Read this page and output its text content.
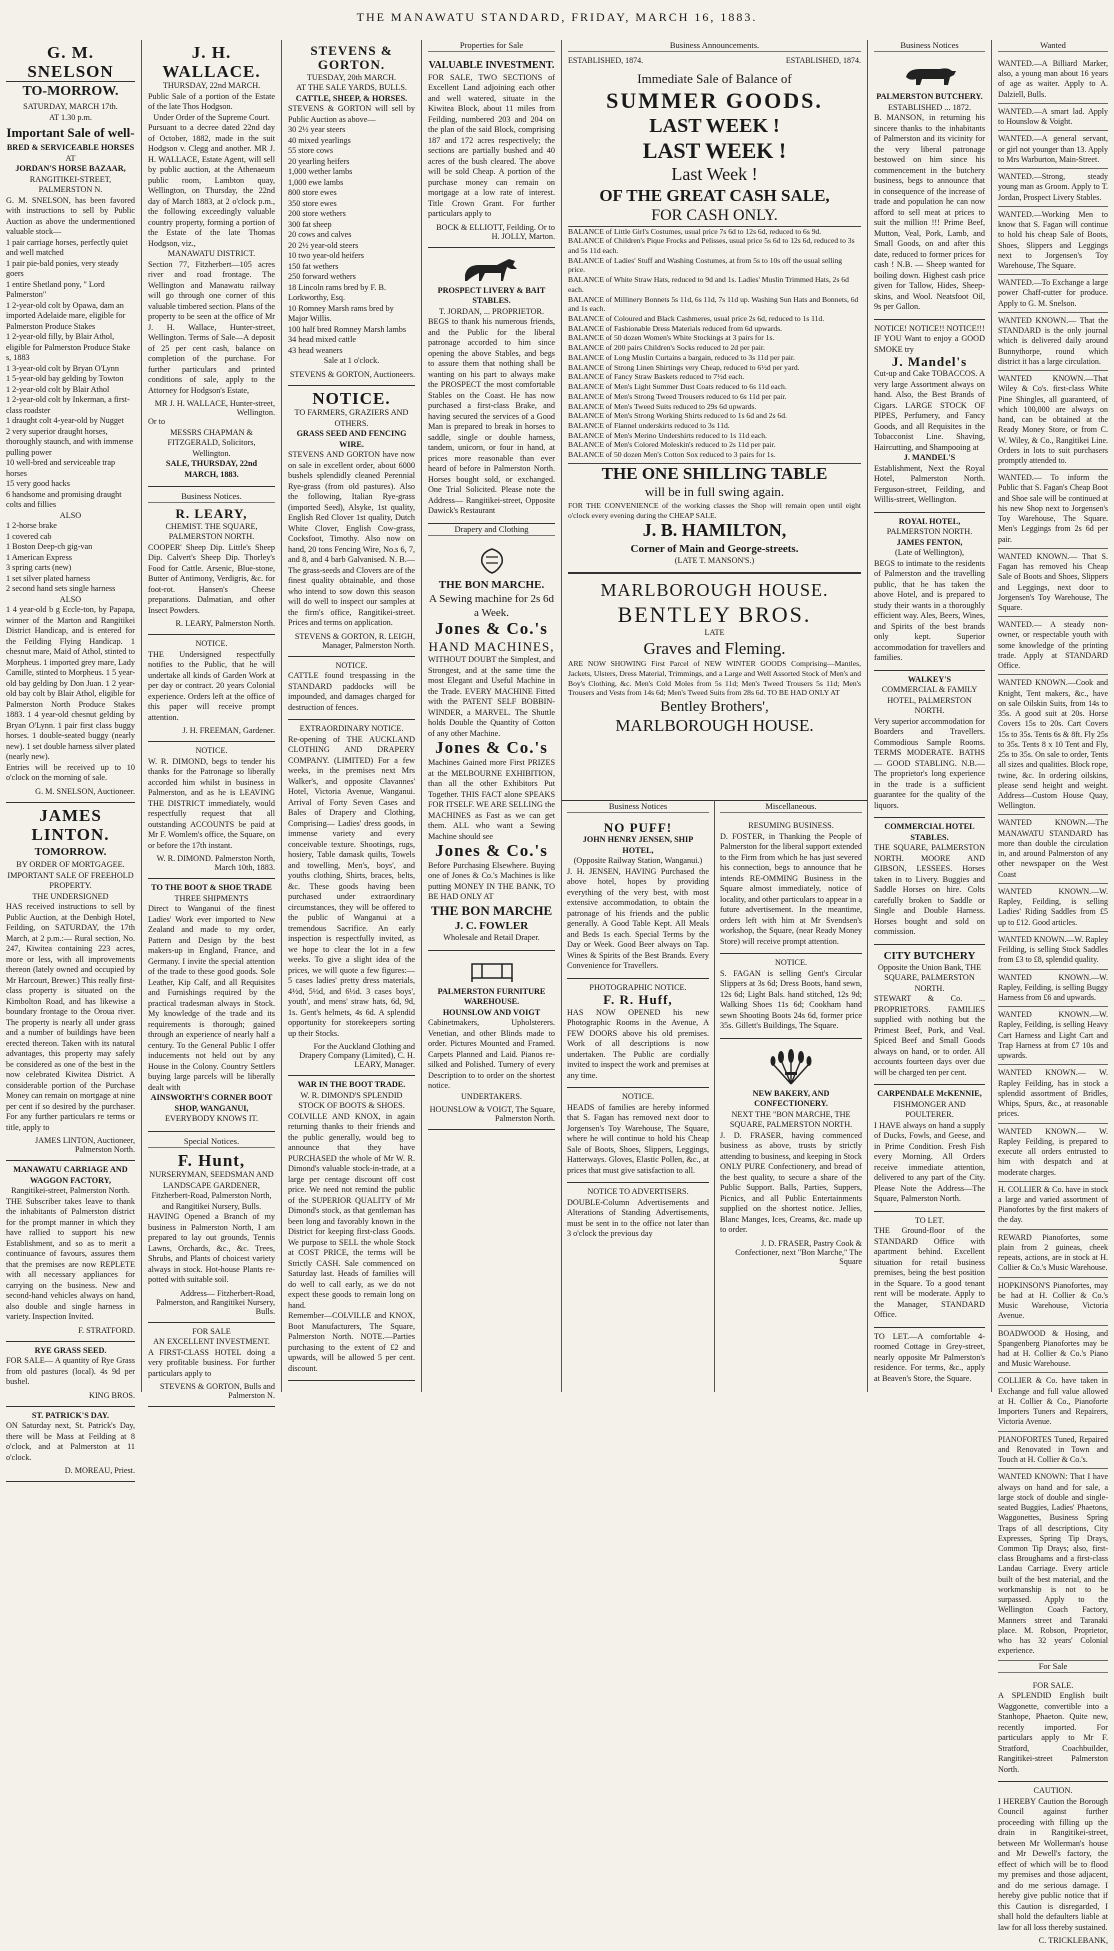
THE MANAWATU STANDARD, FRIDAY, MARCH 16, 1883.
G. M. SNELSON
TO-MORROW.
SATURDAY, MARCH 17th.
AT 1.30 p.m.
Important Sale of well-
BRED & SERVICEABLE HORSES
AT
JORDAN'S HORSE BAZAAR,
RANGITIKEI-STREET, PALMERSTON N.
G. M. SNELSON, has been favored with instructions to sell by Public Auction as above the undermentioned valuable stock—
1 pair carriage horses, perfectly quiet and well matched
1 pair pie-bald ponies, very steady goers
1 entire Shetland pony, " Lord Palmerston"
1 2-year-old colt by Opawa, dam an imported Adelaide mare, eligible for Palmerston Produce Stakes
1 2-year-old filly, by Blair Athol, eligible for Palmerston Produce Stake s, 1883
1 3-year-old colt by Bryan O'Lynn
1 5-year-old bay gelding by Towton
1 2-year-old colt by Blair Athol
1 2-year-old colt by Inkerman, a first-class roadster
1 draught colt 4-year-old by Nugget
2 very superior draught horses, thoroughly staunch, and with immense pulling power
10 well-bred and serviceable trap horses
15 very good hacks
6 handsome and promising draught colts and fillies
ALSO
1 2-horse brake
1 covered cab
1 Boston Deep-ch gig-van
1 American Express
3 spring carts (new)
1 set silver plated harness
2 second hand sets single harness
ALSO
1 4 year-old b g Eccle-ton, by Papapa, winner of the Marton and Rangitikei District Handicap, and is entered for the Feilding Flying Handicap. 1 chesnut mare, Maid of Athol, stinted to Morpheus. 1 imported grey mare, Lady Camille, stinted to Morpheus. 1 5 year-old bay gelding by Don Juan. 1 2 year-old bay colt by Blair Athol, eligible for Palmerston North Produce Stakes 1883. 1 4 year-old chesnut gelding by Bryan O'Lynn. 1 pair first class buggy horses. 1 double-seated buggy (nearly new). 1 set double harness silver plated (nearly new).
Entries will be received up to 10 o'clock on the morning of sale.
G. M. SNELSON, Auctioneer.
JAMES LINTON.
TOMORROW.
BY ORDER OF MORTGAGEE.
IMPORTANT SALE OF FREEHOLD PROPERTY.
THE UNDERSIGNED
HAS received instructions to sell by Public Auction, at the Denbigh Hotel, Feilding, on SATURDAY, the 17th March, at 2 p.m.:— Rural section, No. 247, Kiwitea containing 223 acres, more or less, with all improvements thereon (lately owned and occupied by Mr Harcourt, Brewer.) This really first-class property is situated on the Kimbolton Road, and has likewise a boundary frontage to the Oroua river. The property is nearly all under grass and a number of buildings have been erected thereon. Taken with its natural advantages, this property may safely be considered as one of the best in the now celebrated Kiwitea District. A considerable portion of the Purchase Money can remain on mortgage at nine per cent if so desired by the purchaser. For any further particulars re terms or title, apply to
JAMES LINTON, Auctioneer, Palmerston North.
MANAWATU CARRIAGE AND WAGGON FACTORY,
Rangitikei-street, Palmerston North.
THE Subscriber takes leave to thank the inhabitants of Palmerston district for the prompt manner in which they have rallied to support his new Establishment, and so as to merit a continuance of favours, assures them that the premises are now REPLETE with all necessary appliances for carrying on the business. New and second-hand vehicles always on hand, also double and single harness in variety. Inspection Invited.
F. STRATFORD.
RYE GRASS SEED.
FOR SALE— A quantity of Rye Grass from old pastures (local). 4s 9d per bushel.
KING BROS.
ST. PATRICK'S DAY.
ON Saturday next, St. Patrick's Day, there will be Mass at Feilding at 8 o'clock, and at Palmerston at 11 o'clock.
D. MOREAU, Priest.
J. H. WALLACE.
THURSDAY, 22nd MARCH.
Public Sale of a portion of the Estate of the late Thos Hodgson.
Under Order of the Supreme Court.
Pursuant to a decree dated 22nd day of October, 1882, made in the suit Hodgson v. Clegg and another. MR J. H. WALLACE, Estate Agent, will sell by public auction, at the Athenaeum public room, Lambton quay, Wellington, on Thursday, the 22nd day of March 1883, at 2 o'clock p.m., the following exceedingly valuable country property, forming a portion of the Estate of the late Thomas Hodgson, viz.,
MANAWATU DISTRICT.
Section 77, Fitzherbert—105 acres river and road frontage. The Wellington and Manawatu railway will go through one corner of this valuable timbered section. Plans of the property to be seen at the office of Mr J. H. Wallace, Hunter-street, Wellington. Terms of Sale—A deposit of 25 per cent cash, balance on completion of the purchase. For further particulars and printed conditions of sale, apply to the Attorney for Hodgson's Estate,
MR J. H. WALLACE, Hunter-street, Wellington.
Or to
MESSRS CHAPMAN & FITZGERALD, Solicitors, Wellington.
SALE, THURSDAY, 22nd MARCH, 1883.
Business Notices.
R. LEARY,
CHEMIST. THE SQUARE, PALMERSTON NORTH.
COOPER' Sheep Dip. Little's Sheep Dip. Calvert's Sheep Dip. Thorley's Food for Cattle. Arsenic, Blue-stone, Butter of Antimony, Verdigris, &c. for foot-rot. Hansen's Cheese preparations. Dalmatian, and other Insect Powders.
R. LEARY, Palmerston North.
NOTICE.
THE Undersigned respectfully notifies to the Public, that he will undertake all kinds of Garden Work at per day or contract. 20 years Colonial experience. Orders left at the office of this paper will receive prompt attention.
J. H. FREEMAN, Gardener.
NOTICE.
W. R. DIMOND, begs to tender his thanks for the Patronage so liberally accorded him whilst in business in Palmerston, and as he is LEAVING THE DISTRICT immediately, would respectfully request that all outstanding ACCOUNTS be paid at Mr F. Womlem's office, the Square, on or before the 17th instant.
W. R. DIMOND. Palmerston North, March 10th, 1883.
TO THE BOOT & SHOE TRADE
THREE SHIPMENTS
Direct to Wanganui of the finest Ladies' Work ever imported to New Zealand and made to my order, Pattern and Design by the best makers-up in England, France, and Germany. I invite the special attention of the trade to these good goods. Sole Leather, Kip Calf, and all Requisites and Furnishings required by the practical tradesman always in Stock. My knowledge of the trade and its requirements is thorough; gained through an experience of nearly half a century. To the General Public I offer inducements not held out by any House in the Colony. Country Settlers buying large parcels will be liberally dealt with
AINSWORTH'S CORNER BOOT SHOP, WANGANUI,
EVERYBODY KNOWS IT.
Special Notices.
F. Hunt,
NURSERYMAN, SEEDSMAN AND LANDSCAPE GARDENER,
Fitzherbert-Road, Palmerston North, and Rangitikei Nursery, Bulls.
HAVING Opened a Branch of my business in Palmerston North, I am prepared to lay out grounds, Tennis Lawns, Orchards, &c., &c. Trees, Shrubs, and Plants of choicest variety always in stock. Hot-house Plants re-potted with suitable soil.
Address— Fitzherbert-Road, Palmerston, and Rangitikei Nursery, Bulls.
FOR SALE
AN EXCELLENT INVESTMENT.
A FIRST-CLASS HOTEL doing a very profitable business. For further particulars apply to
STEVENS & GORTON, Bulls and Palmerston N.
STEVENS & GORTON.
TUESDAY, 20th MARCH.
AT THE SALE YARDS, BULLS.
CATTLE, SHEEP, & HORSES.
STEVENS & GORTON will sell by Public Auction as above—
30 2½ year steers
40 mixed yearlings
55 store cows
20 yearling heifers
1,000 wether lambs
1,000 ewe lambs
800 store ewes
350 store ewes
200 store wethers
300 fat sheep
20 cows and calves
20 2½ year-old steers
10 two year-old heifers
150 fat wethers
250 forward wethers
18 Lincoln rams bred by F. B. Lorkworthy, Esq.
10 Romney Marsh rams bred by Major Willis.
100 half bred Romney Marsh lambs
34 head mixed cattle
43 head weaners
Sale at 1 o'clock.
STEVENS & GORTON, Auctioneers.
NOTICE.
TO FARMERS, GRAZIERS AND OTHERS.
GRASS SEED AND FENCING WIRE.
STEVENS AND GORTON have now on sale in excellent order, about 6000 bushels splendidly cleaned Perennial Rye-grass (from old pastures). Also the following, Italian Rye-grass (imported Seed), Alsyke, 1st quality, English Red Clover 1st quality, Dutch White Clover, English Cow-grass, Cocksfoot, Timothy. Also now on hand, 20 tons Fencing Wire, No.s 6, 7, and 8, and 4 barb Galvanised. N. B.—The grass-seeds and Clovers are of the finest quality obtainable, and those who intend to sow down this season will do well to inspect our samples at the firm's office, Rangitikei-street. Prices and terms on application.
STEVENS & GORTON, R. LEIGH, Manager, Palmerston North.
NOTICE.
CATTLE found trespassing in the STANDARD paddocks will be impounded, and damages charged for destruction of fences.
EXTRAORDINARY NOTICE.
Re-opening of THE AUCKLAND CLOTHING AND DRAPERY COMPANY. (LIMITED) For a few weeks, in the premises next Mrs Walker's, and opposite Clavannes' Hotel, Victoria Avenue, Wanganui. Arrival of Forty Seven Cases and Bales of Drapery and Clothing, Comprising— Ladies' dress goods, in immense variety and every conceivable texture. Shootings, rugs, hosiery, Table damask quilts, Towels and towelling, Men's, boys', and youths clothing, Shirts, braces, belts, &c. These goods having been purchased under extraordinary circumstances, they will be offered to the public of Wanganui at a tremendous Sacrifice. An early inspection is respectfully invited, as we hope to clear the lot in a few weeks. To give a slight idea of the prices, we will quote a few figures:— 5 cases ladies' pretty dress materials, 4½d, 5½d, and 6½d. 3 cases boys', youth', and mens' straw hats, 6d, 9d, 1s. Gent's helmets, 4s 6d. A splendid opportunity for storekeepers sorting up their Stocks.
For the Auckland Clothing and Drapery Company (Limited), C. H. LEARY, Manager.
WAR IN THE BOOT TRADE.
W. R. DIMOND'S SPLENDID STOCK OF BOOTS & SHOES.
COLVILLE AND KNOX, in again returning thanks to their friends and the public generally, would beg to announce that they have PURCHASED the whole of Mr W. R. Dimond's valuable stock-in-trade, at a large per centage discount off cost price. We need not remind the public of the SUPERIOR QUALITY of Mr Dimond's stock, as that gentleman has been long and favorably known in the District for keeping first-class Goods. We purpose to SELL the whole Stock at COST PRICE, the terms will be Strictly CASH. Sale commenced on Saturday last. Heads of families will do well to call early, as we do not expect these goods to remain long on hand.
Remember—COLVILLE and KNOX, Boot Manufacturers, The Square, Palmerston North. NOTE.—Parties purchasing to the extent of £2 and upwards, will be allowed 5 per cent. discount.
Properties for Sale
VALUABLE INVESTMENT.
FOR SALE, TWO SECTIONS of Excellent Land adjoining each other and well watered, situate in the Kiwitea Block, about 11 miles from Feilding, numbered 203 and 204 on the plan of the said Block, comprising 187 and 172 acres respectively; the sections are partially bushed and 40 acres of the bush cleared. The above will be sold Cheap. A portion of the purchase money can remain on mortgage at a low rate of interest. Title Crown Grant. For further particulars apply to
BOCK & ELLIOTT, Feilding. Or to H. JOLLY, Marton.
PROSPECT LIVERY & BAIT STABLES.
T. JORDAN, ... PROPRIETOR.
BEGS to thank his numerous friends, and the Public for the liberal patronage accorded to him since opening the above Stables, and begs to assure them that nothing shall be wanting on his part to always make the PROSPECT the most comfortable Stables on the Coast. He has now purchased a first-class Brake, and having secured the services of a Good Man is prepared to break in horses to saddle, single or double harness, tandem, unicorn, or four in hand, at prices more reasonable than ever heard of before in Palmerston North. Horses bought sold, or exchanged. One Trial Solicited. Please note the Address— Rangitikei-street, Opposite Dawick's Restaurant
Drapery and Clothing
THE BON MARCHE.
A Sewing machine for 2s 6d a Week.
Jones & Co.'s
HAND MACHINES,
WITHOUT DOUBT the Simplest, and Strongest, and at the same time the most Elegant and Useful Machine in the Trade. EVERY MACHINE Fitted with the PATENT SELF BOBBIN-WINDER, a MARVEL. The Shuttle holds Double the Quantity of Cotton of any other Machine.
Jones & Co.'s
Machines Gained more First PRIZES at the MELBOURNE EXHIBITION, than all the other Exhibitors Put Together. THIS FACT alone SPEAKS FOR ITSELF. WE ARE SELLING the MACHINES as Fast as we can get them. ALL who want a Sewing Machine should see
Jones & Co.'s
Before Purchasing Elsewhere. Buying one of Jones & Co.'s Machines is like putting MONEY IN THE BANK, TO BE HAD ONLY AT
THE BON MARCHE
J. C. FOWLER
Wholesale and Retail Draper.
PALMERSTON FURNITURE WAREHOUSE.
HOUNSLOW AND VOIGT
Cabinetmakers, Upholsterers. Venetian, and other Blinds made to order. Pictures Mounted and Framed. Carpets Planned and Laid. Pianos re-silked and Polished. Turnery of every Description to to order on the shortest notice.
UNDERTAKERS.
HOUNSLOW & VOIGT, The Square, Palmerston North.
Business Announcements.
ESTABLISHED, 1874.	ESTABLISHED, 1874.
Immediate Sale of Balance of
SUMMER GOODS.
LAST WEEK !
LAST WEEK !
Last Week !
OF THE GREAT CASH SALE,
FOR CASH ONLY.
BALANCE of Little Girl's Costumes, usual price 7s 6d to 12s 6d, reduced to 6s 9d.
BALANCE of Children's Pique Frocks and Pelisses, usual price 5s 6d to 12s 6d, reduced to 3s and 5s 11d each.
BALANCE of Ladies' Stuff and Washing Costumes, at from 5s to 10s off the usual selling price.
BALANCE of White Straw Hats, reduced to 9d and 1s. Ladies' Muslin Trimmed Hats, 2s 6d each.
BALANCE of Millinery Bonnets 5s 11d, 6s 11d, 7s 11d up. Washing Sun Hats and Bonnets, 6d and 1s each.
BALANCE of Coloured and Black Cashmeres, usual price 2s 6d, reduced to 1s 11d.
BALANCE of Fashionable Dress Materials reduced from 6d upwards.
BALANCE of 50 dozen Women's White Stockings at 3 pairs for 1s.
BALANCE of 200 pairs Children's Socks reduced to 2d per pair.
BALANCE of Long Muslin Curtains a bargain, reduced to 3s 11d per pair.
BALANCE of Strong Linen Shirtings very Cheap, reduced to 6½d per yard.
BALANCE of Fancy Straw Baskets reduced to 7½d each.
BALANCE of Men's Light Summer Dust Coats reduced to 6s 11d each.
BALANCE of Men's Strong Tweed Trousers reduced to 6s 11d per pair.
BALANCE of Men's Tweed Suits reduced to 29s 6d upwards.
BALANCE of Men's Strong Working Shirts reduced to 1s 6d and 2s 6d.
BALANCE of Flannel underskirts reduced to 3s 11d.
BALANCE of Men's Merino Undershirts reduced to 1s 11d each.
BALANCE of Men's Colored Moleskin's reduced to 2s 11d per pair.
BALANCE of 50 dozen Men's Cotton Sox reduced to 3 pairs for 1s.
THE ONE SHILLING TABLE
will be in full swing again.
FOR THE CONVENIENCE of the working classes the Shop will remain open until eight o'clock every evening during the CHEAP SALE.
J. B. HAMILTON,
Corner of Main and George-streets.
(LATE T. MANSON'S.)
MARLBOROUGH HOUSE.
BENTLEY BROS.
LATE
Graves and Fleming.
ARE NOW SHOWING First Parcel of NEW WINTER GOODS Comprising—Mantles, Jackets, Ulsters, Dress Material, Trimmings, and a Large and Well Assorted Stock of Men's and Boy's Clothing, &c. Men's Cold Moles from 5s 11d; Men's Tweed Trousers 5s 11d; Men's Trousers and Vests from 14s 6d; Men's Tweed Suits from 28s 6d. TO BE HAD ONLY AT
Bentley Brothers',
MARLBOROUGH HOUSE.
Business Notices
NO PUFF!
JOHN HENRY JENSEN, SHIP HOTEL,
(Opposite Railway Station, Wanganui.)
J. H. JENSEN, HAVING Purchased the above hotel, hopes by providing everything of the very best, with most extensive accommodation, to obtain the patronage of his friends and the public generally. A Good Table Kept. All Meals and Beds 1s each. Special Terms by the Day or Week. Good Beer always on Tap. Wines & Spirits of the Best Brands. Every Convenience for Travellers.
PHOTOGRAPHIC NOTICE.
F. R. Huff,
HAS NOW OPENED his new Photographic Rooms in the Avenue, A FEW DOORS above his old premises. Work of all descriptions is now undertaken. The Public are cordially invited to inspect the work and premises at any time.
NOTICE.
HEADS of families are hereby informed that S. Fagan has removed next door to Jorgensen's Toy Warehouse, The Square, where he will continue to hold his Cheap Sale of Boots, Shoes, Slippers, Leggings, Hatterways. Gloves, Elastic Pollen, &c., at prices that must give satisfaction to all.
NOTICE TO ADVERTISERS.
DOUBLE-Column Advertisements and Alterations of Standing Advertisements, must be sent in to the office not later than 3 o'clock the previous day
Miscellaneous.
RESUMING BUSINESS.
D. FOSTER, in Thanking the People of Palmerston for the liberal support extended to the Firm from which he has just severed his connection, begs to announce that he intends RE-OMMING Business in the Square almost immediately, notice of locality, and other particulars to appear in a future advertisement. In the meantime, orders left with him at Mr Svendsen's workshop, the Square, (near Ready Money Store) will receive prompt attention.
NOTICE.
S. FAGAN is selling Gent's Circular Slippers at 3s 6d; Dress Boots, hand sewn, 12s 6d; Light Bals. hand stitched, 12s 9d; Walking Shoes 11s 6d; Cookham hand sewn Shooting Boots 24s 6d, former price 35s. Gillett's Buildings, The Square.
NEW BAKERY, AND CONFECTIONERY.
NEXT THE "BON MARCHE, THE SQUARE, PALMERSTON NORTH.
J. D. FRASER, having commenced business as above, trusts by strictly attending to business, and keeping in Stock ONLY PURE Confectionery, and bread of the best quality, to secure a share of the Public Support. Balls, Parties, Suppers, Picnics, and all Public Entertainments supplied on the shortest notice. Jellies, Blanc Manges, Ices, Creams, &c. made up to order.
J. D. FRASER, Pastry Cook & Confectioner, next "Bon Marche," The Square
Business Notices
PALMERSTON BUTCHERY.
ESTABLISHED ... 1872.
B. MANSON, in returning his sincere thanks to the inhabitants of Palmerston and its vicinity for the very liberal patronage bestowed on him since his commencement in the butchery business, begs to announce that in consequence of the increase of trade and population he can now afford to sell meat at prices to suit the million !!! Prime Beef, Mutton, Veal, Pork, Lamb, and Small Goods, on and after this date, reduced to former prices for cash ! N.B. — Sheep wanted for boiling down. Highest cash price given for Tallow, Hides, Sheep-skins, and Wool. Neatsfoot Oil, 9s per Gallon.
NOTICE! NOTICE!! NOTICE!!!
IF YOU Want to enjoy a GOOD SMOKE try
J. Mandel's
Cut-up and Cake TOBACCOS. A very large Assortment always on hand. Also, the Best Brands of Cigars. LARGE STOCK OF PIPES, Perfumery, and Fancy Goods, and all Requisites in the Tobacconist Line. Shaving, Haircutting, and Shampooing at
J. MANDEL'S
Establishment, Next the Royal Hotel, Palmerston North. Ferguson-street, Feilding, and Willis-street, Wellington.
ROYAL HOTEL,
PALMERSTON NORTH.
JAMES FENTON,
(Late of Wellington),
BEGS to intimate to the residents of Palmerston and the travelling public, that he has taken the above Hotel, and is prepared to study their wants in a thoroughly efficient way. Ales, Beers, Wines, and Spirits of the best brands only kept. Superior accommodation for travellers and families.
WALKEY'S
COMMERCIAL & FAMILY HOTEL, PALMERSTON NORTH.
Very superior accommodation for Boarders and Travellers. Commodious Sample Rooms. TERMS MODERATE. BATHS— GOOD STABLING. N.B.—The proprietor's long experience in the trade is a sufficient guarantee for the quality of the liquors.
COMMERCIAL HOTEL STABLES.
THE SQUARE, PALMERSTON NORTH. MOORE AND GIBSON, LESSEES. Horses taken in to Livery. Buggies and Saddle Horses on hire. Colts carefully broken to Saddle or Single and Double Harness. Horses bought and sold on commission.
CITY BUTCHERY
Opposite the Union Bank, THE SQUARE, PALMERSTON NORTH.
STEWART & Co. ... PROPRIETORS. FAMILIES supplied with nothing but the Primest Beef, Pork, and Veal. Spiced Beef and Small Goods always on hand, or to order. All accounts fourteen days over due will be charged ten per cent.
CARPENDALE McKENNIE,
FISHMONGER AND POULTERER.
I HAVE always on hand a supply of Ducks, Fowls, and Geese, and in Prime Condition. Fresh Fish every Morning. All Orders receive immediate attention, delivered to any part of the City. Please Note the Address—The Square, Palmerston North.
TO LET.
THE Ground-floor of the STANDARD Office with apartment behind. Excellent situation for retail business premises, being the best position in the Square. To a good tenant rent will be moderate. Apply to the Manager, STANDARD Office.
TO LET.—A comfortable 4-roomed Cottage in Grey-street, nearly opposite Mr Palmerston's residence. For terms, &c., apply at Beaven's Store, the Square.
Wanted
WANTED.—A Billiard Marker, also, a young man about 16 years of age as waiter. Apply to A. Dalziell, Bulls.
WANTED.—A smart lad. Apply to Hounslow & Voight.
WANTED.—A general servant, or girl not younger than 13. Apply to Mrs Warburton, Main-Street.
WANTED.—Strong, steady young man as Groom. Apply to T. Jordan, Prospect Livery Stables.
WANTED.—Working Men to know that S. Fagan will continue to hold his cheap Sale of Boots, Shoes, Slippers and Leggings next to Jorgensen's Toy Warehouse, The Square.
WANTED.—To Exchange a large power Chaff-cutter for produce. Apply to G. M. Snelson.
WANTED KNOWN.— That the STANDARD is the only journal which is delivered daily around Bunnythorpe, round which district it has a large circulation.
WANTED KNOWN.—That Wiley & Co's. first-class White Pine Shingles, all guaranteed, of which 100,000 are always on hand, can be obtained at the Ready Money Store, or from C. W. Wiley, & Co., Rangitikei Line. Orders in lots to suit purchasers promptly attended to.
WANTED.— To inform the Public that S. Fagan's Cheap Boot and Shoe sale will be continued at his new Shop next to Jorgensen's Toy Warehouse, The Square. Men's Leggings from 2s 6d per pair.
WANTED KNOWN.— That S. Fagan has removed his Cheap Sale of Boots and Shoes, Slippers and Leggings, next door to Jorgensen's Toy Warehouse, The Square.
WANTED.— A steady non-owner, or respectable youth with some knowledge of the printing trade. Apply at STANDARD Office.
WANTED KNOWN.—Cook and Knight, Tent makers, &c., have on sale Oilskin Suits, from 14s to 35s. A good suit at 20s. Horse Covers 15s to 20s. Cart Covers 15s to 35s. Tents 6s & 8ft. Fly 25s to 35s. Tents 8 x 10 Tent and Fly, 25s to 35s. On sale to order, Tents all sizes and qualities. Block rope, twine, &c. In ordering oilskins, please send height and weight. Address—Custom House Quay, Wellington.
WANTED KNOWN.—The MANAWATU STANDARD has more than double the circulation in, and around Palmerston of any other newspaper on the West Coast
WANTED KNOWN.—W. Rapley, Feilding, is selling Ladies' Riding Saddles from £5 up to £12. Good articles.
WANTED KNOWN.—W. Rapley Feilding, is selling Stock Saddles from £3 to £8, splendid quality.
WANTED KNOWN.—W. Rapley, Feilding, is selling Buggy Harness from £6 and upwards.
WANTED KNOWN.—W. Rapley, Feilding, is selling Heavy Cart Harness and Light Cart and Trap Harness at from £7 10s and upwards.
WANTED KNOWN.— W. Rapley Feilding, has in stock a splendid assortment of Bridles, Whips, Spurs, &c., at reasonable prices.
WANTED KNOWN.— W. Rapley Feilding, is prepared to execute all orders entrusted to him with despatch and at moderate charges.
H. COLLIER & Co. have in stock a large and varied assortment of Pianofortes by the first makers of the day.
REWARD Pianofortes, some plain from 2 guineas, cheek repeats, actions, are in stock at H. Collier & Co.'s Music Warehouse.
HOPKINSON'S Pianofortes, may be had at H. Collier & Co.'s Music Warehouse, Victoria Avenue.
BOADWOOD & Hosing, and Spangenberg Pianofortes may be had at H. Collier & Co.'s Piano and Music Warehouse.
COLLIER & Co. have taken in Exchange and full value allowed at H. Collier & Co., Pianoforte Importers Tuners and Repairers, Victoria Avenue.
PIANOFORTES Tuned, Repaired and Renovated in Town and Touch at H. Collier & Co.'s.
WANTED KNOWN: That I have always on hand and for sale, a large stock of double and single-seated Buggies, Ladies' Phaetons, Waggonettes, Business Spring Traps of all descriptions, City Expresses, Spring Tip Drays, Common Tip Drays; also, first-class Broughams and a first-class Landau Carriage. Every article built of the best material, and the workmanship is not to be surpassed. Apply to the Wellington Coach Factory, Manners street and Taranaki place. M. Robson, Proprietor, who has 32 years' Colonial experience.
For Sale
FOR SALE.
A SPLENDID English built Waggonette, convertible into a Stanhope, Phaeton. Quite new, recently imported. For particulars apply to Mr F. Stratford, Coachbuilder, Rangitikei-street Palmerston North.
CAUTION.
I HEREBY Caution the Borough Council against further proceeding with filling up the drain in Rangitikei-street, between Mr Wollerman's house and Mr Dewell's factory, the effect of which will be to flood my premises and those adjacent, and do me serious damage. I hereby give public notice that if this Caution is disregarded, I shall hold the defaulters liable at law for all loss thereby sustained.
C. TRICKLEBANK,
